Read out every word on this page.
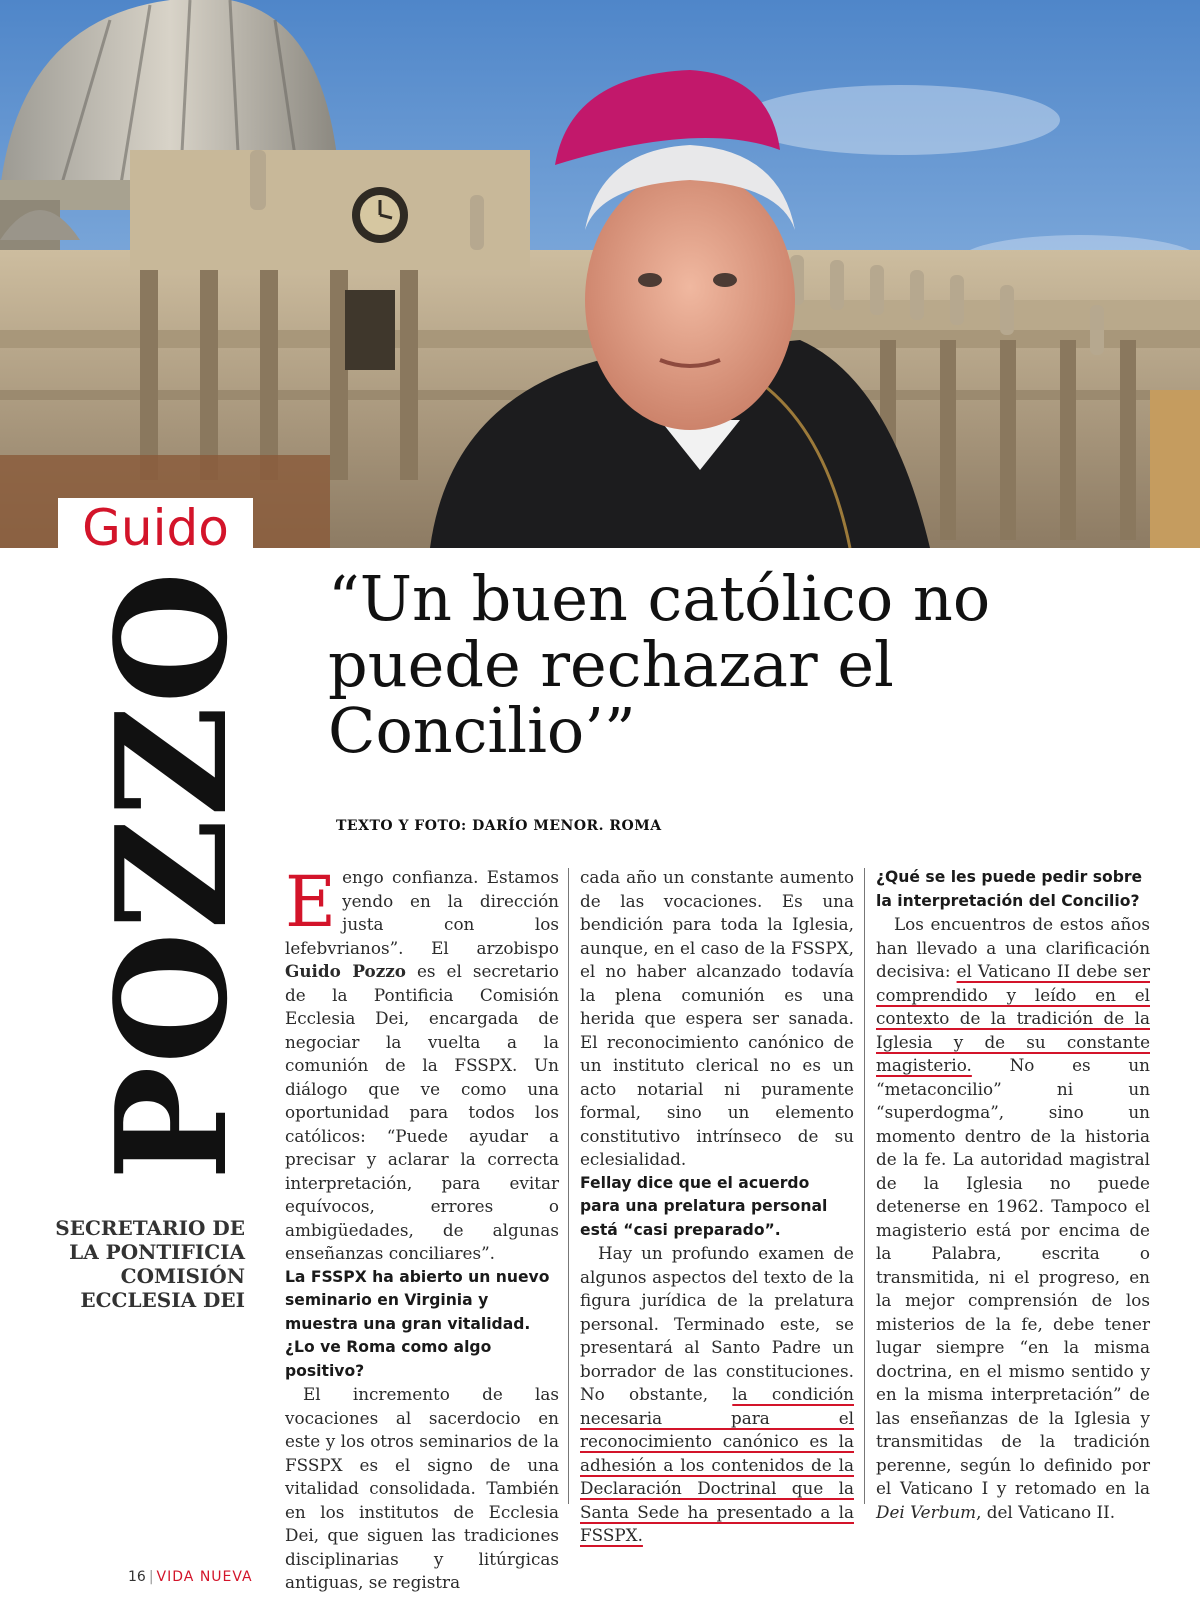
Guido
POZZO
SECRETARIO DE LA PONTIFICIA COMISIÓN ECCLESIA DEI
“Un buen católico no puede rechazar el Concilio’”
TEXTO Y FOTO: DARÍO MENOR. ROMA

Eengo confianza. Estamos yendo en la dirección justa con los lefebvrianos”. El arzobispo Guido Pozzo es el secretario de la Pontificia Comisión Ecclesia Dei, encargada de negociar la vuelta a la comunión de la FSSPX. Un diálogo que ve como una oportunidad para todos los católicos: “Puede ayudar a precisar y aclarar la correcta interpretación, para evitar equívocos, errores o ambigüedades, de algunas enseñanzas conciliares”.

La FSSPX ha abierto un nuevo seminario en Virginia y muestra una gran vitalidad. ¿Lo ve Roma como algo positivo?

El incremento de las vocaciones al sacerdocio en este y los otros seminarios de la FSSPX es el signo de una vitalidad consolidada. También en los institutos de Ecclesia Dei, que siguen las tradiciones disciplinarias y litúrgicas antiguas, se registra

cada año un constante aumento de las vocaciones. Es una bendición para toda la Iglesia, aunque, en el caso de la FSSPX, el no haber alcanzado todavía la plena comunión es una herida que espera ser sanada. El reconocimiento canónico de un instituto clerical no es un acto notarial ni puramente formal, sino un elemento constitutivo intrínseco de su eclesialidad.

Fellay dice que el acuerdo para una prelatura personal está “casi preparado”.

Hay un profundo examen de algunos aspectos del texto de la figura jurídica de la prelatura personal. Terminado este, se presentará al Santo Padre un borrador de las constituciones. No obstante, la condición necesaria para el reconocimiento canónico es la adhesión a los contenidos de la Declaración Doctrinal que la Santa Sede ha presentado a la FSSPX.

¿Qué se les puede pedir sobre la interpretación del Concilio?

Los encuentros de estos años han llevado a una clarificación decisiva: el Vaticano II debe ser comprendido y leído en el contexto de la tradición de la Iglesia y de su constante magisterio. No es un “metaconcilio” ni un “superdogma”, sino un momento dentro de la historia de la fe. La autoridad magistral de la Iglesia no puede detenerse en 1962. Tampoco el magisterio está por encima de la Palabra, escrita o transmitida, ni el progreso, en la mejor comprensión de los misterios de la fe, debe tener lugar siempre “en la misma doctrina, en el mismo sentido y en la misma interpretación” de las enseñanzas de la Iglesia y transmitidas de la tradición perenne, según lo definido por el Vaticano I y retomado en la Dei Verbum, del Vaticano II.

16 | VIDA NUEVA
